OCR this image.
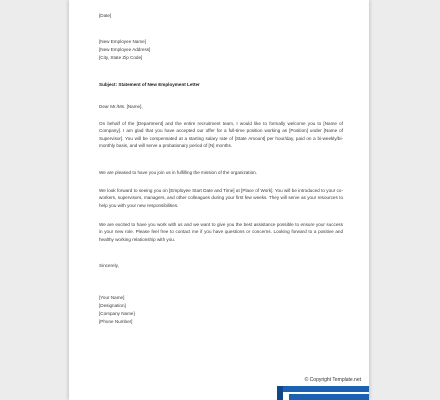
[Date]
[New Employee Name]
[New Employee Address]
[City, State Zip Code]
Subject: Statement of New Employment Letter
Dear Mr./Ms. [Name],
On behalf of the [Department] and the entire recruitment team, I would like to formally welcome you to [Name of Company]. I am glad that you have accepted our offer for a full-time position working as [Position] under [Name of Supervisor]. You will be compensated at a starting salary rate of [State Amount] per hour/day, paid on a bi-weekly/bi-monthly basis, and will serve a probationary period of [N] months.
We are pleased to have you join us in fulfilling the mission of the organization.
We look forward to seeing you on [Employee Start Date and Time] at [Place of Work]. You will be introduced to your co-workers, supervisors, managers, and other colleagues during your first few weeks. They will serve as your resources to help you with your new responsibilities.
We are excited to have you work with us and we want to give you the best assistance possible to ensure your success in your new role. Please feel free to contact me if you have questions or concerns. Looking forward to a positive and healthy working relationship with you.
Sincerely,
[Your Name]
[Designation]
[Company Name]
[Phone Number]
© Copyright Template.net
